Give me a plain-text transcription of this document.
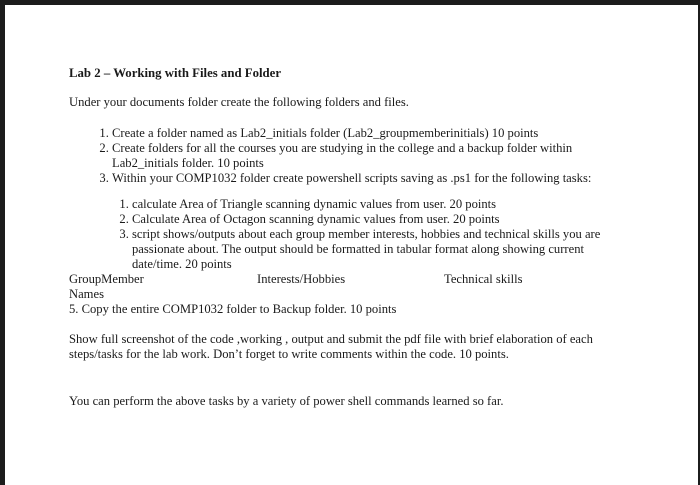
Lab 2 – Working with Files and Folder

Under your documents folder create the following folders and files.

1. Create a folder named as Lab2_initials folder (Lab2_groupmemberinitials) 10 points
2. Create folders for all the courses you are studying in the college and a backup folder within Lab2_initials folder. 10 points
3. Within your COMP1032 folder create powershell scripts saving as .ps1 for the following tasks:
1. calculate Area of Triangle scanning dynamic values from user. 20 points
2. Calculate Area of Octagon scanning dynamic values from user. 20 points
3. script shows/outputs about each group member interests, hobbies and technical skills you are passionate about. The output should be formatted in tabular format along showing current date/time. 20 points
GroupMember	Interests/Hobbies	Technical skills
Names

5. Copy the entire COMP1032 folder to Backup folder. 10 points

Show full screenshot of the code ,working , output and submit the pdf file with brief elaboration of each steps/tasks for the lab work. Don’t forget to write comments within the code. 10 points.

You can perform the above tasks by a variety of power shell commands learned so far.
